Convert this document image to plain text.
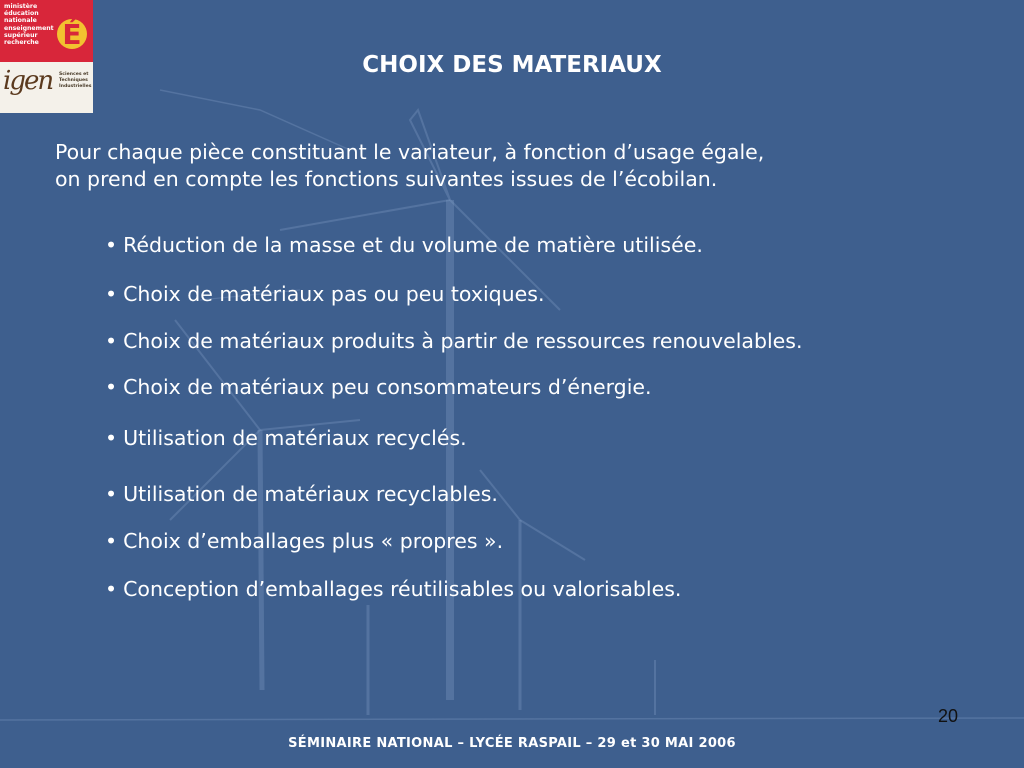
ministère
éducation
nationale
enseignement
supérieur
recherche É
igen Sciences et
Techniques
Industrielles
CHOIX DES MATERIAUX
Pour chaque pièce constituant le variateur, à fonction d’usage égale,
on prend en compte les fonctions suivantes issues de l’écobilan.
• Réduction de la masse et du volume de matière utilisée.
• Choix de matériaux pas ou peu toxiques.
• Choix de matériaux produits à partir de ressources renouvelables.
• Choix de matériaux peu consommateurs d’énergie.
• Utilisation de matériaux recyclés.
• Utilisation de matériaux recyclables.
• Choix d’emballages plus « propres ».
• Conception d’emballages réutilisables ou valorisables.
20
SÉMINAIRE NATIONAL – LYCÉE RASPAIL – 29 et 30 MAI 2006
